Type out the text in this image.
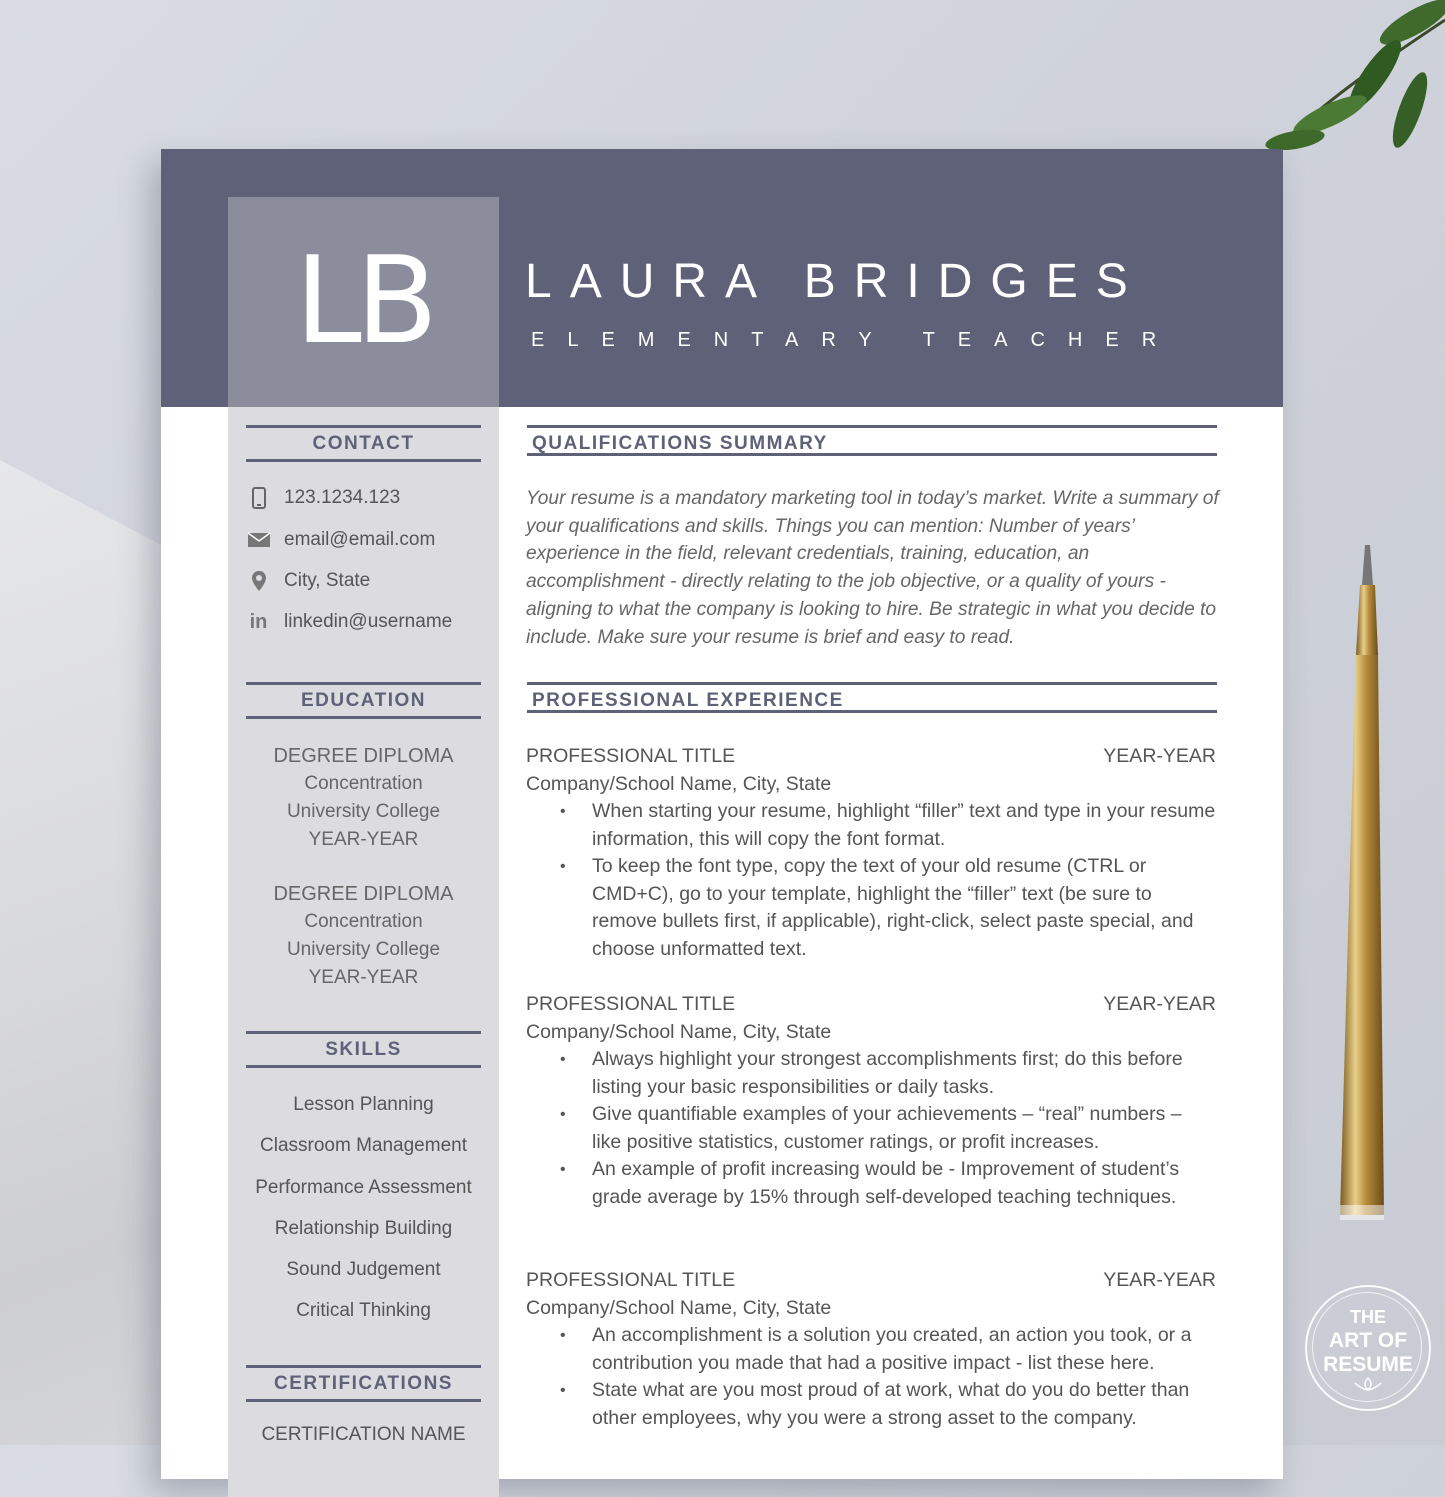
LB	LAURA BRIDGES
ELEMENTARY TEACHER
CONTACT
123.1234.123
email@email.com
City, State
in linkedin@username
EDUCATION
DEGREE DIPLOMA
Concentration
University College
YEAR-YEAR
DEGREE DIPLOMA
Concentration
University College
YEAR-YEAR
SKILLS
Lesson Planning
Classroom Management
Performance Assessment
Relationship Building
Sound Judgement
Critical Thinking
CERTIFICATIONS
CERTIFICATION NAME
QUALIFICATIONS SUMMARY
Your resume is a mandatory marketing tool in today’s market. Write a summary of your qualifications and skills. Things you can mention: Number of years’ experience in the field, relevant credentials, training, education, an accomplishment - directly relating to the job objective, or a quality of yours - aligning to what the company is looking to hire. Be strategic in what you decide to include. Make sure your resume is brief and easy to read.
PROFESSIONAL EXPERIENCE
PROFESSIONAL TITLE	YEAR-YEAR
Company/School Name, City, State
• When starting your resume, highlight “filler” text and type in your resume information, this will copy the font format.
• To keep the font type, copy the text of your old resume (CTRL or CMD+C), go to your template, highlight the “filler” text (be sure to remove bullets first, if applicable), right-click, select paste special, and choose unformatted text.
PROFESSIONAL TITLE	YEAR-YEAR
Company/School Name, City, State
• Always highlight your strongest accomplishments first; do this before listing your basic responsibilities or daily tasks.
• Give quantifiable examples of your achievements – “real” numbers – like positive statistics, customer ratings, or profit increases.
• An example of profit increasing would be - Improvement of student’s grade average by 15% through self-developed teaching techniques.
PROFESSIONAL TITLE	YEAR-YEAR
Company/School Name, City, State
• An accomplishment is a solution you created, an action you took, or a contribution you made that had a positive impact - list these here.
• State what are you most proud of at work, what do you do better than other employees, why you were a strong asset to the company.
THE
ART OF
RESUME
